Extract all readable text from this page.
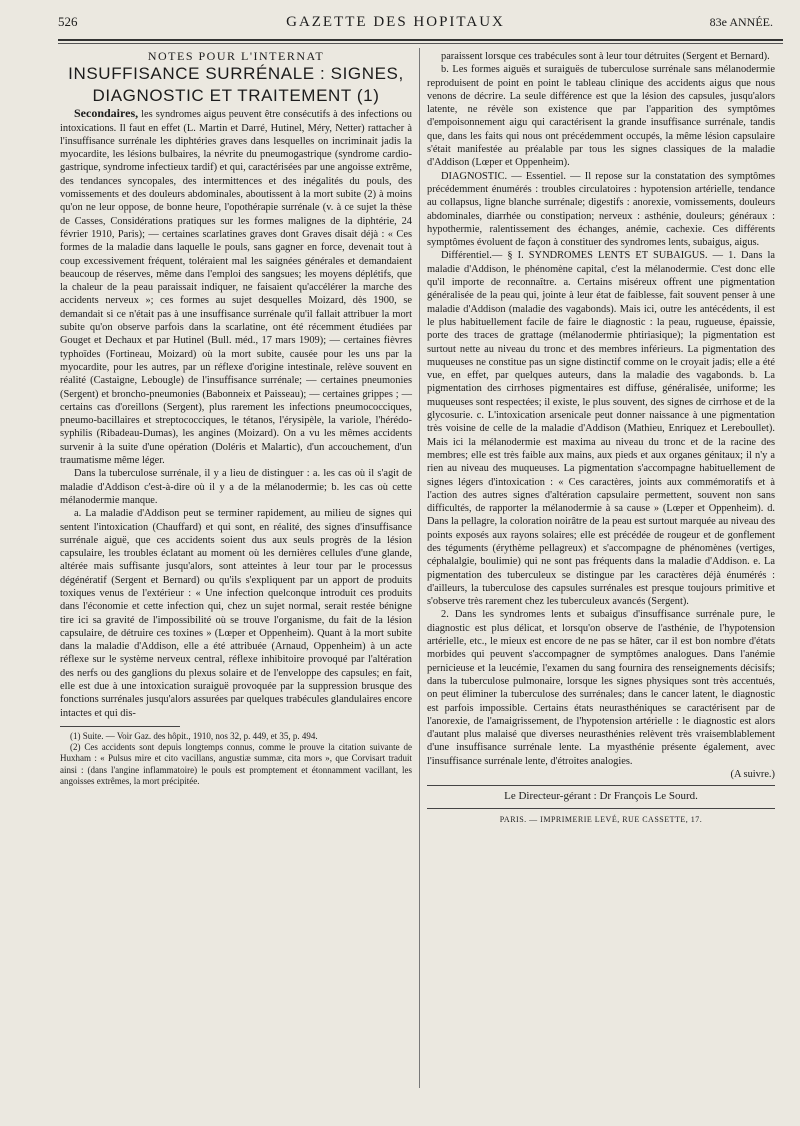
526	GAZETTE DES HOPITAUX	83e ANNÉE.

NOTES POUR L'INTERNAT

INSUFFISANCE SURRÉNALE : SIGNES, DIAGNOSTIC ET TRAITEMENT (1)

Secondaires, les syndromes aigus peuvent être consécutifs à des infections ou intoxications. Il faut en effet (L. Martin et Darré, Hutinel, Méry, Netter) rattacher à l'insuffisance surrénale les diphtéries graves dans lesquelles on incriminait jadis la myocardite, les lésions bulbaires, la névrite du pneumogastrique (syndrome cardio-gastrique, syndrome infectieux tardif) et qui, caractérisées par une angoisse extrême, des tendances syncopales, des intermittences et des inégalités du pouls, des vomissements et des douleurs abdominales, aboutissent à la mort subite (2) à moins qu'on ne leur oppose, de bonne heure, l'opothérapie surrénale (v. à ce sujet la thèse de Casses, Considérations pratiques sur les formes malignes de la diphtérie, 24 février 1910, Paris); — certaines scarlatines graves dont Graves disait déjà : « Ces formes de la maladie dans laquelle le pouls, sans gagner en force, devenait tout à coup excessivement fréquent, toléraient mal les saignées générales et demandaient beaucoup de réserves, même dans l'emploi des sangsues; les moyens déplétifs, que la chaleur de la peau paraissait indiquer, ne faisaient qu'accélérer la marche des accidents nerveux »; ces formes au sujet desquelles Moizard, dès 1900, se demandait si ce n'était pas à une insuffisance surrénale qu'il fallait attribuer la mort subite qu'on observe parfois dans la scarlatine, ont été récemment étudiées par Gouget et Dechaux et par Hutinel (Bull. méd., 17 mars 1909); — certaines fièvres typhoïdes (Fortineau, Moizard) où la mort subite, causée pour les uns par la myocardite, pour les autres, par un réflexe d'origine intestinale, relève souvent en réalité (Castaigne, Lebougle) de l'insuffisance surrénale; — certaines pneumonies (Sergent) et broncho-pneumonies (Babonneix et Paisseau); — certaines grippes ; — certains cas d'oreillons (Sergent), plus rarement les infections pneumococciques, pneumo-bacillaires et streptococciques, le tétanos, l'érysipèle, la variole, l'hérédo-syphilis (Ribadeau-Dumas), les angines (Moizard). On a vu les mêmes accidents survenir à la suite d'une opération (Doléris et Malartic), d'un accouchement, d'un traumatisme même léger.

Dans la tuberculose surrénale, il y a lieu de distinguer : a. les cas où il s'agit de maladie d'Addison c'est-à-dire où il y a de la mélanodermie; b. les cas où cette mélanodermie manque.

a. La maladie d'Addison peut se terminer rapidement, au milieu de signes qui sentent l'intoxication (Chauffard) et qui sont, en réalité, des signes d'insuffisance surrénale aiguë, que ces accidents soient dus aux seuls progrès de la lésion capsulaire, les troubles éclatant au moment où les dernières cellules d'une glande, altérée mais suffisante jusqu'alors, sont atteintes à leur tour par le processus dégénératif (Sergent et Bernard) ou qu'ils s'expliquent par un apport de produits toxiques venus de l'extérieur : « Une infection quelconque introduit ces produits dans l'économie et cette infection qui, chez un sujet normal, serait restée bénigne tire ici sa gravité de l'impossibilité où se trouve l'organisme, du fait de la lésion capsulaire, de détruire ces toxines » (Lœper et Oppenheim). Quant à la mort subite dans la maladie d'Addison, elle a été attribuée (Arnaud, Oppenheim) à un acte réflexe sur le système nerveux central, réflexe inhibitoire provoqué par l'altération des nerfs ou des ganglions du plexus solaire et de l'enveloppe des capsules; en fait, elle est due à une intoxication suraiguë provoquée par la suppression brusque des fonctions surrénales jusqu'alors assurées par quelques trabécules glandulaires encore intactes et qui dis-

(1) Suite. — Voir Gaz. des hôpit., 1910, nos 32, p. 449, et 35, p. 494.

(2) Ces accidents sont depuis longtemps connus, comme le prouve la citation suivante de Huxham : « Pulsus mire et cito vacillans, angustiæ summæ, cita mors », que Corvisart traduit ainsi : (dans l'angine inflammatoire) le pouls est promptement et étonnamment vacillant, les angoisses extrêmes, la mort précipitée.

paraissent lorsque ces trabécules sont à leur tour détruites (Sergent et Bernard).

b. Les formes aiguës et suraiguës de tuberculose surrénale sans mélanodermie reproduisent de point en point le tableau clinique des accidents aigus que nous venons de décrire. La seule différence est que la lésion des capsules, jusqu'alors latente, ne révèle son existence que par l'apparition des symptômes d'empoisonnement aigu qui caractérisent la grande insuffisance surrénale, tandis que, dans les faits qui nous ont précédemment occupés, la même lésion capsulaire s'était manifestée au préalable par tous les signes classiques de la maladie d'Addison (Lœper et Oppenheim).

DIAGNOSTIC. — Essentiel. — Il repose sur la constatation des symptômes précédemment énumérés : troubles circulatoires : hypotension artérielle, tendance au collapsus, ligne blanche surrénale; digestifs : anorexie, vomissements, douleurs abdominales, diarrhée ou constipation; nerveux : asthénie, douleurs; généraux : hypothermie, ralentissement des échanges, anémie, cachexie. Ces différents symptômes évoluent de façon à constituer des syndromes lents, subaigus, aigus.

Différentiel.— § I. SYNDROMES LENTS ET SUBAIGUS. — 1. Dans la maladie d'Addison, le phénomène capital, c'est la mélanodermie. C'est donc elle qu'il importe de reconnaître. a. Certains miséreux offrent une pigmentation généralisée de la peau qui, jointe à leur état de faiblesse, fait souvent penser à une maladie d'Addison (maladie des vagabonds). Mais ici, outre les antécédents, il est le plus habituellement facile de faire le diagnostic : la peau, rugueuse, épaissie, porte des traces de grattage (mélanodermie phtiriasique); la pigmentation est surtout nette au niveau du tronc et des membres inférieurs. La pigmentation des muqueuses ne constitue pas un signe distinctif comme on le croyait jadis; elle a été vue, en effet, par quelques auteurs, dans la maladie des vagabonds. b. La pigmentation des cirrhoses pigmentaires est diffuse, généralisée, uniforme; les muqueuses sont respectées; il existe, le plus souvent, des signes de cirrhose et de la glycosurie. c. L'intoxication arsenicale peut donner naissance à une pigmentation très voisine de celle de la maladie d'Addison (Mathieu, Enriquez et Lereboullet). Mais ici la mélanodermie est maxima au niveau du tronc et de la racine des membres; elle est très faible aux mains, aux pieds et aux organes génitaux; il n'y a rien au niveau des muqueuses. La pigmentation s'accompagne habituellement de signes légers d'intoxication : « Ces caractères, joints aux commémoratifs et à l'action des autres signes d'altération capsulaire permettent, souvent non sans difficultés, de rapporter la mélanodermie à sa cause » (Lœper et Oppenheim). d. Dans la pellagre, la coloration noirâtre de la peau est surtout marquée au niveau des points exposés aux rayons solaires; elle est précédée de rougeur et de gonflement des téguments (érythème pellagreux) et s'accompagne de phénomènes (vertiges, céphalalgie, boulimie) qui ne sont pas fréquents dans la maladie d'Addison. e. La pigmentation des tuberculeux se distingue par les caractères déjà énumérés : d'ailleurs, la tuberculose des capsules surrénales est presque toujours primitive et s'observe très rarement chez les tuberculeux avancés (Sergent).

2. Dans les syndromes lents et subaigus d'insuffisance surrénale pure, le diagnostic est plus délicat, et lorsqu'on observe de l'asthénie, de l'hypotension artérielle, etc., le mieux est encore de ne pas se hâter, car il est bon nombre d'états morbides qui peuvent s'accompagner de symptômes analogues. Dans l'anémie pernicieuse et la leucémie, l'examen du sang fournira des renseignements décisifs; dans la tuberculose pulmonaire, lorsque les signes physiques sont très accentués, on peut éliminer la tuberculose des surrénales; dans le cancer latent, le diagnostic est parfois impossible. Certains états neurasthéniques se caractérisent par de l'anorexie, de l'amaigrissement, de l'hypotension artérielle : le diagnostic est alors d'autant plus malaisé que diverses neurasthénies relèvent très vraisemblablement d'une insuffisance surrénale lente. La myasthénie présente également, avec l'insuffisance surrénale lente, d'étroites analogies.

(A suivre.)

Le Directeur-gérant : Dr François Le Sourd.

PARIS. — IMPRIMERIE LEVÉ, RUE CASSETTE, 17.
